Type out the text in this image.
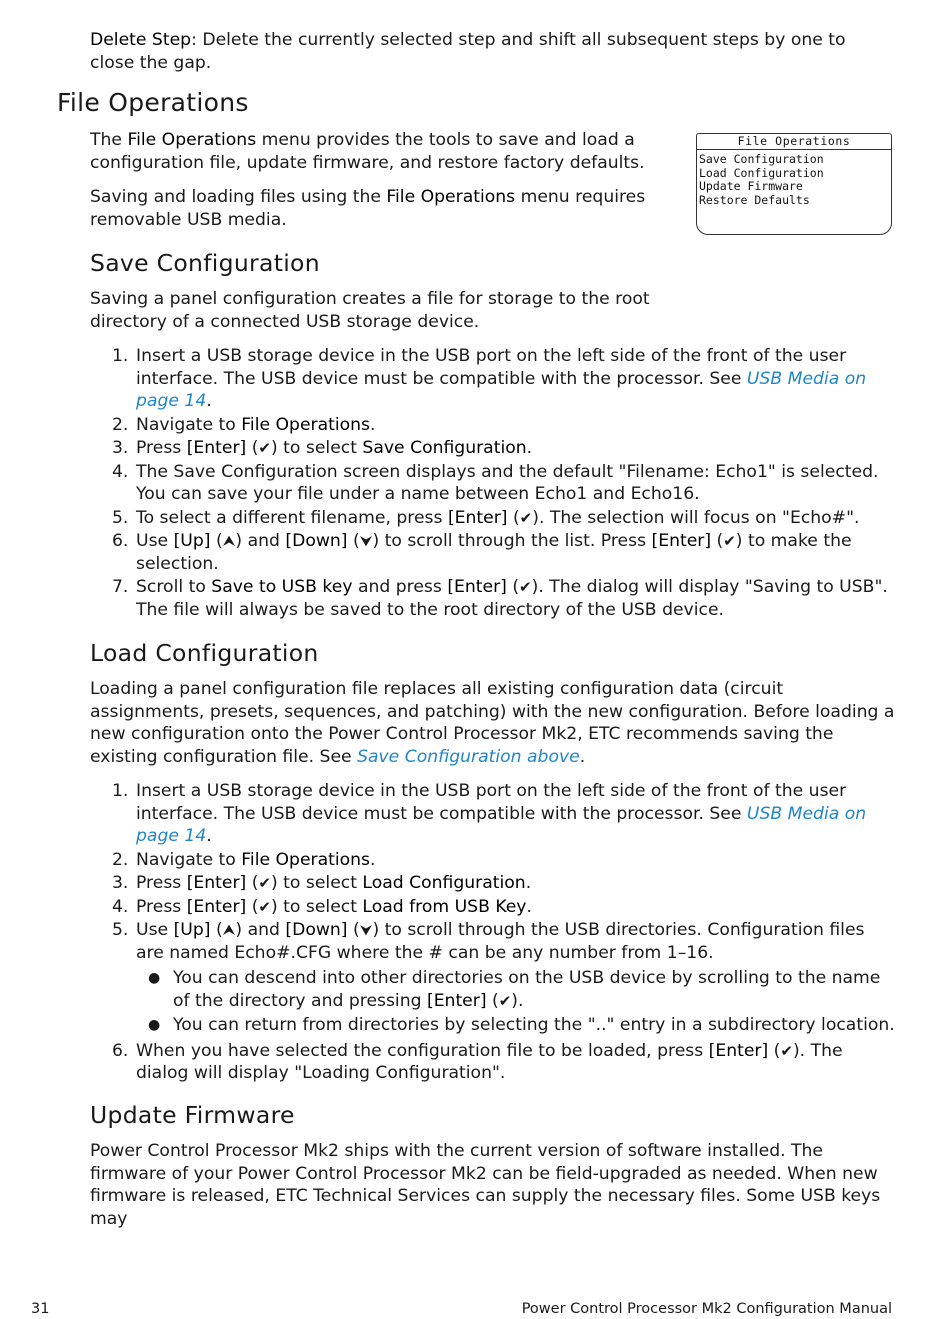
Delete Step: Delete the currently selected step and shift all subsequent steps by one to close the gap.

File Operations

The File Operations menu provides the tools to save and load a configuration file, update firmware, and restore factory defaults.

Saving and loading files using the File Operations menu requires removable USB media.

File Operations
Save Configuration
Load Configuration
Update Firmware
Restore Defaults
Save Configuration

Saving a panel configuration creates a file for storage to the root directory of a connected USB storage device.

1. Insert a USB storage device in the USB port on the left side of the front of the user interface. The USB device must be compatible with the processor. See USB Media on page 14.
2. Navigate to File Operations.
3. Press [Enter] (✔) to select Save Configuration.
4. The Save Configuration screen displays and the default "Filename: Echo1" is selected. You can save your file under a name between Echo1 and Echo16.
5. To select a different filename, press [Enter] (✔). The selection will focus on "Echo#".
6. Use [Up] (⮝) and [Down] (⮟) to scroll through the list. Press [Enter] (✔) to make the selection.
7. Scroll to Save to USB key and press [Enter] (✔). The dialog will display "Saving to USB". The file will always be saved to the root directory of the USB device.
Load Configuration

Loading a panel configuration file replaces all existing configuration data (circuit assignments, presets, sequences, and patching) with the new configuration. Before loading a new configuration onto the Power Control Processor Mk2, ETC recommends saving the existing configuration file. See Save Configuration above.

1. Insert a USB storage device in the USB port on the left side of the front of the user interface. The USB device must be compatible with the processor. See USB Media on page 14.
2. Navigate to File Operations.
3. Press [Enter] (✔) to select Load Configuration.
4. Press [Enter] (✔) to select Load from USB Key.
5. Use [Up] (⮝) and [Down] (⮟) to scroll through the USB directories. Configuration files are named Echo#.CFG where the # can be any number from 1–16.
● You can descend into other directories on the USB device by scrolling to the name of the directory and pressing [Enter] (✔).
● You can return from directories by selecting the ".." entry in a subdirectory location.
6. When you have selected the configuration file to be loaded, press [Enter] (✔). The dialog will display "Loading Configuration".
Update Firmware

Power Control Processor Mk2 ships with the current version of software installed. The firmware of your Power Control Processor Mk2 can be field-upgraded as needed. When new firmware is released, ETC Technical Services can supply the necessary files. Some USB keys may

31	Power Control Processor Mk2 Configuration Manual
